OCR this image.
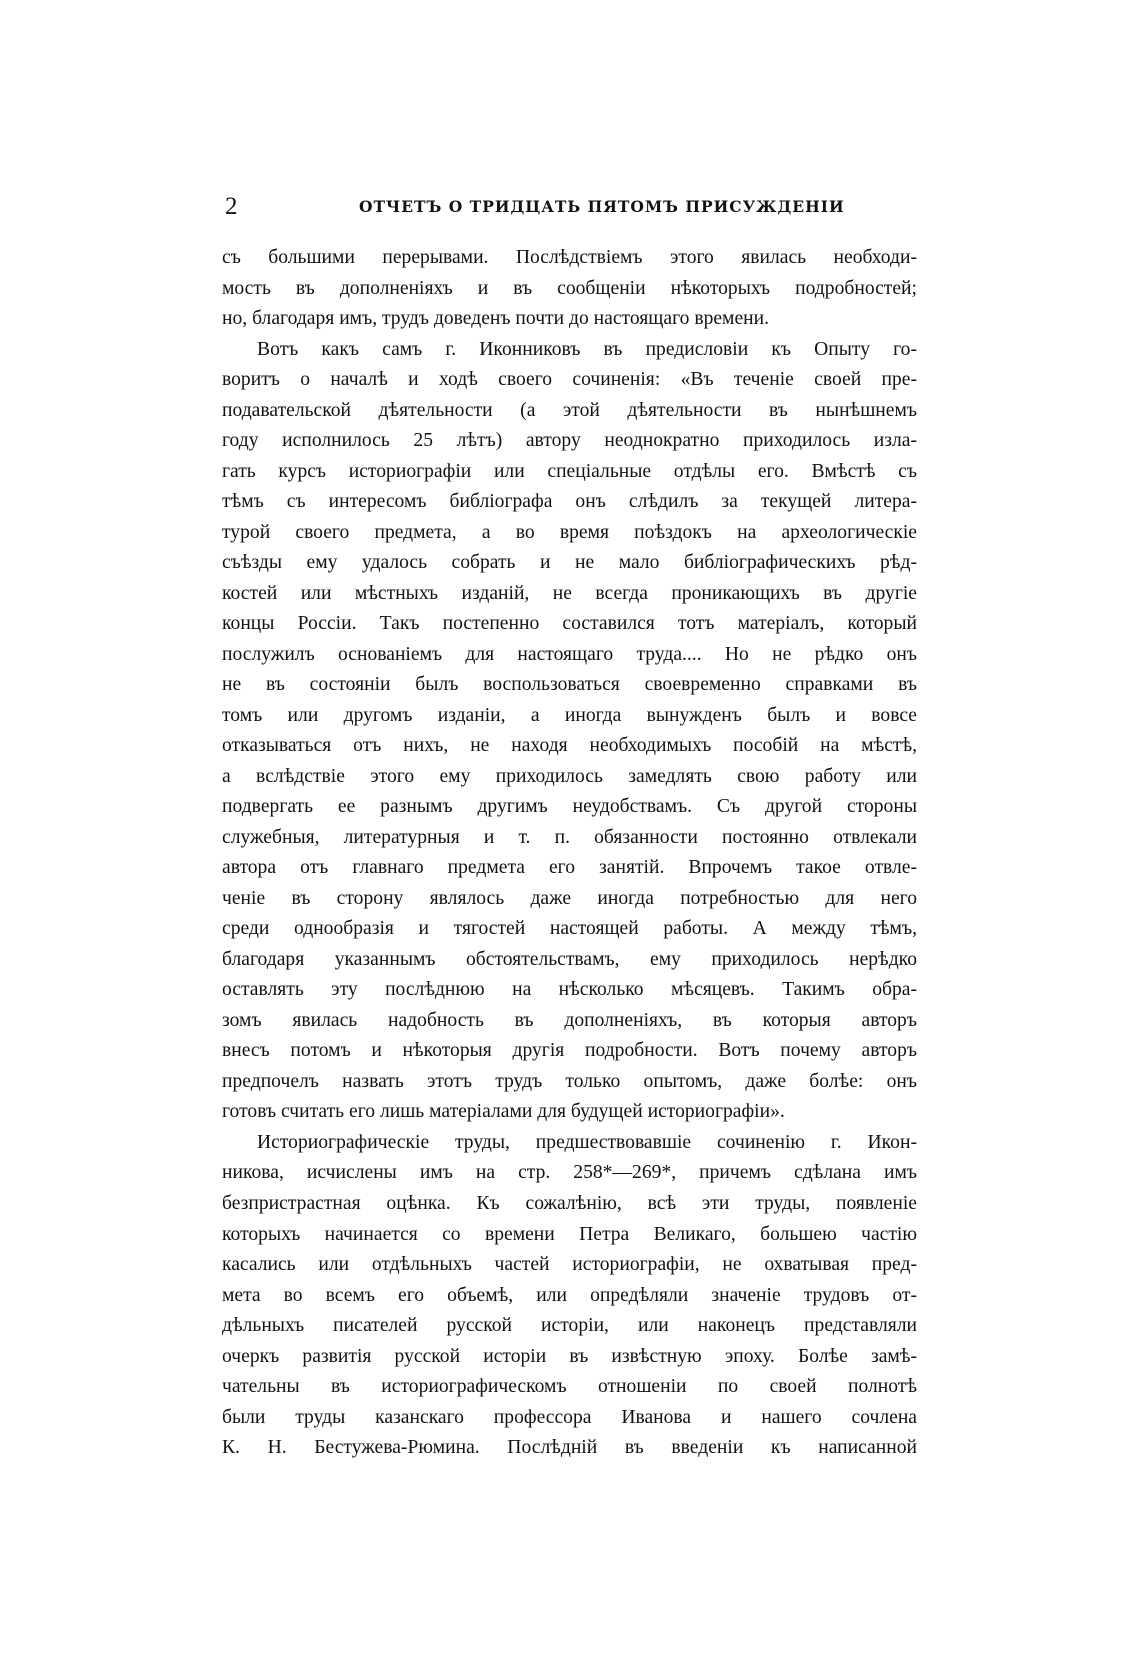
2	ОТЧЕТЪ О ТРИДЦАТЬ ПЯТОМЪ ПРИСУЖДЕНІИ
съ большими перерывами. Послѣдствіемъ этого явилась необходи-
мость въ дополненіяхъ и въ сообщеніи нѣкоторыхъ подробностей;
но, благодаря имъ, трудъ доведенъ почти до настоящаго времени.
Вотъ какъ самъ г. Иконниковъ въ предисловіи къ Опыту го-
воритъ о началѣ и ходѣ своего сочиненія: «Въ теченіе своей пре-
подавательской дѣятельности (а этой дѣятельности въ нынѣшнемъ
году исполнилось 25 лѣтъ) автору неоднократно приходилось изла-
гать курсъ историографіи или спеціальные отдѣлы его. Вмѣстѣ съ
тѣмъ съ интересомъ библіографа онъ слѣдилъ за текущей литера-
турой своего предмета, а во время поѣздокъ на археологическіе
съѣзды ему удалось собрать и не мало библіографическихъ рѣд-
костей или мѣстныхъ изданій, не всегда проникающихъ въ другіе
концы Россіи. Такъ постепенно составился тотъ матеріалъ, который
послужилъ основаніемъ для настоящаго труда.... Но не рѣдко онъ
не въ состояніи былъ воспользоваться своевременно справками въ
томъ или другомъ изданіи, а иногда вынужденъ былъ и вовсе
отказываться отъ нихъ, не находя необходимыхъ пособій на мѣстѣ,
а вслѣдствіе этого ему приходилось замедлять свою работу или
подвергать ее разнымъ другимъ неудобствамъ. Съ другой стороны
служебныя, литературныя и т. п. обязанности постоянно отвлекали
автора отъ главнаго предмета его занятій. Впрочемъ такое отвле-
ченіе въ сторону являлось даже иногда потребностью для него
среди однообразія и тягостей настоящей работы. А между тѣмъ,
благодаря указаннымъ обстоятельствамъ, ему приходилось нерѣдко
оставлять эту послѣднюю на нѣсколько мѣсяцевъ. Такимъ обра-
зомъ явилась надобность въ дополненіяхъ, въ которыя авторъ
внесъ потомъ и нѣкоторыя другія подробности. Вотъ почему авторъ
предпочелъ назвать этотъ трудъ только опытомъ, даже болѣе: онъ
готовъ считать его лишь матеріалами для будущей историографіи».
Историографическіе труды, предшествовавшіе сочиненію г. Икон-
никова, исчислены имъ на стр. 258*—269*, причемъ сдѣлана имъ
безпристрастная оцѣнка. Къ сожалѣнію, всѣ эти труды, появленіе
которыхъ начинается со времени Петра Великаго, большею частію
касались или отдѣльныхъ частей историографіи, не охватывая пред-
мета во всемъ его объемѣ, или опредѣляли значеніе трудовъ от-
дѣльныхъ писателей русской исторіи, или наконецъ представляли
очеркъ развитія русской исторіи въ извѣстную эпоху. Болѣе замѣ-
чательны въ историографическомъ отношеніи по своей полнотѣ
были труды казанскаго профессора Иванова и нашего сочлена
К. Н. Бестужева-Рюмина. Послѣдній въ введеніи къ написанной
